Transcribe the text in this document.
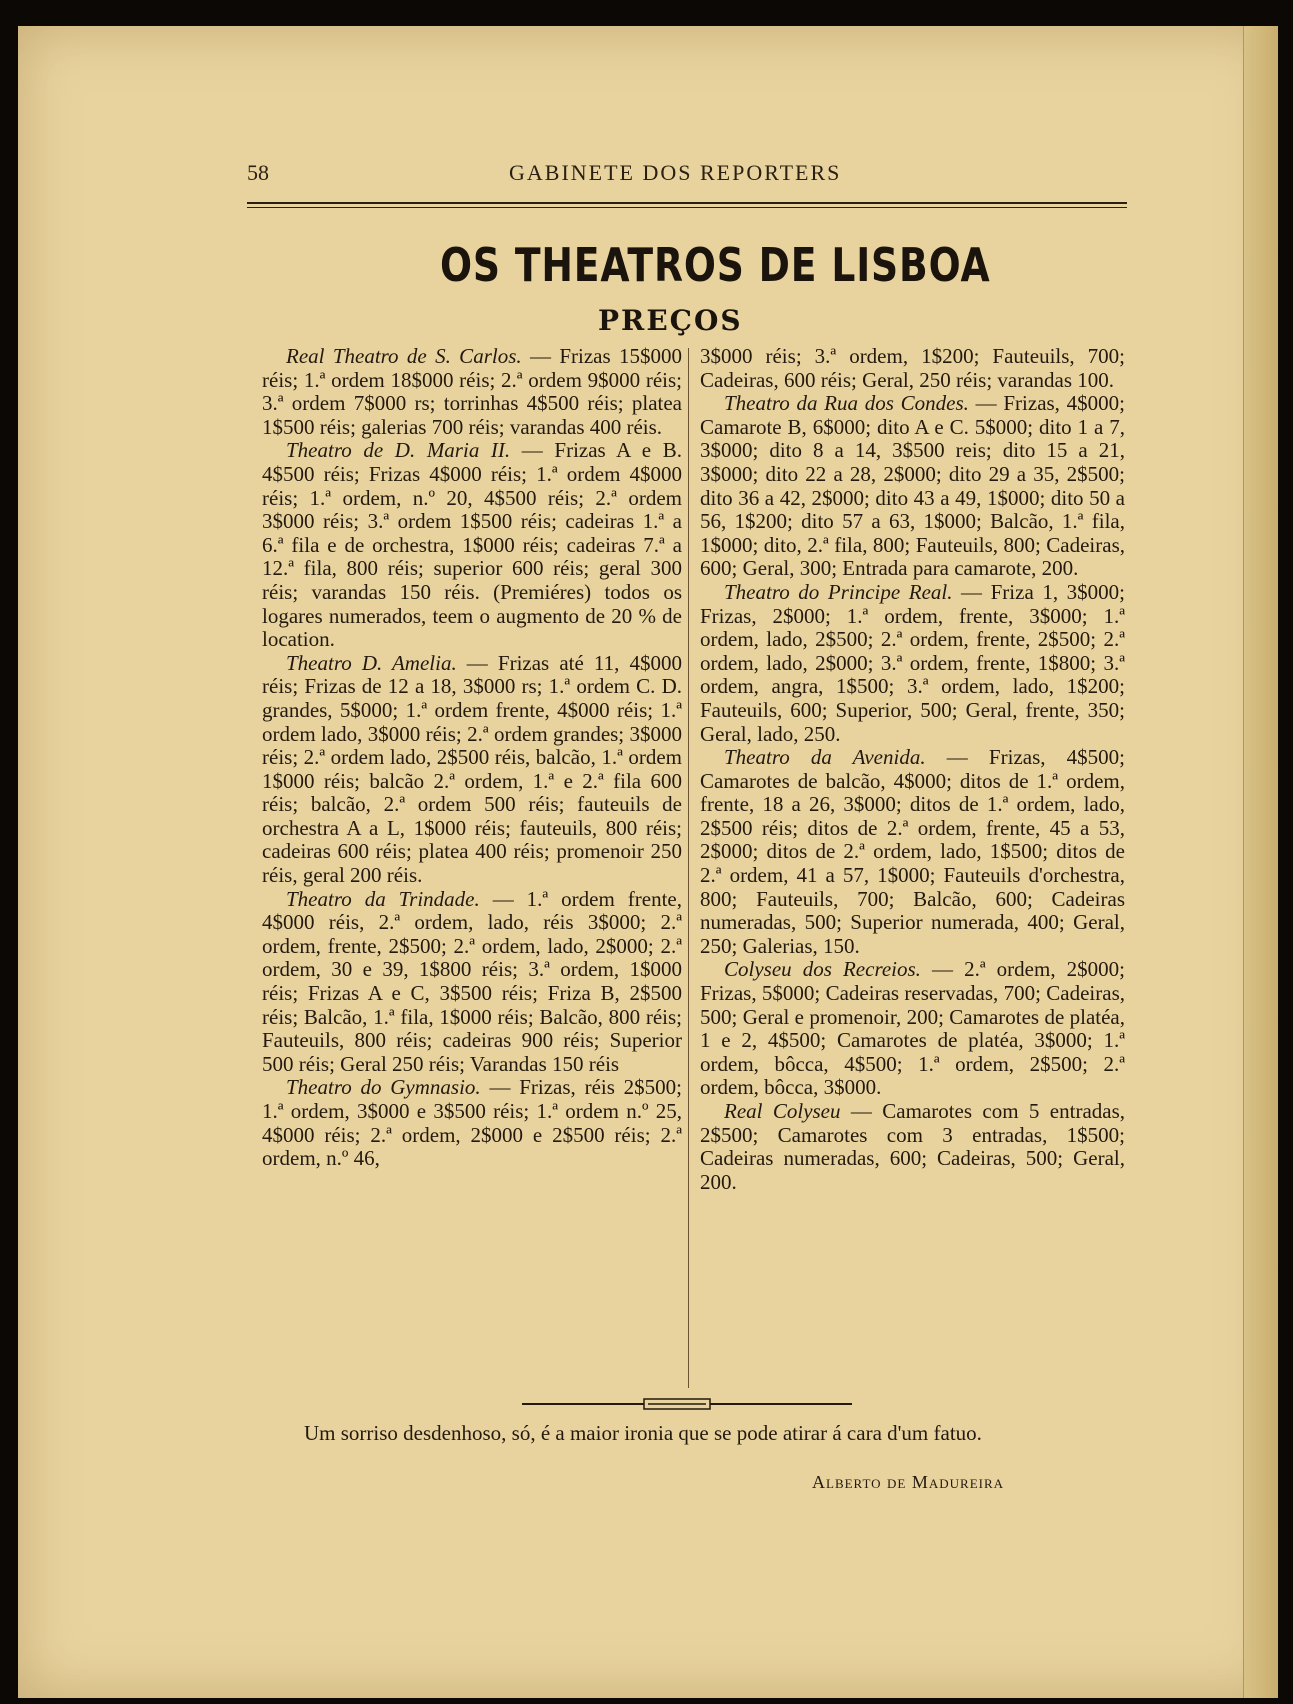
58	GABINETE DOS REPORTERS
OS THEATROS DE LISBOA
PREÇOS

Real Theatro de S. Carlos. — Frizas 15$000 réis; 1.ª ordem 18$000 réis; 2.ª ordem 9$000 réis; 3.ª ordem 7$000 rs; torrinhas 4$500 réis; platea 1$500 réis; galerias 700 réis; varandas 400 réis.

Theatro de D. Maria II. — Frizas A e B. 4$500 réis; Frizas 4$000 réis; 1.ª ordem 4$000 réis; 1.ª ordem, n.º 20, 4$500 réis; 2.ª ordem 3$000 réis; 3.ª ordem 1$500 réis; cadeiras 1.ª a 6.ª fila e de orchestra, 1$000 réis; cadeiras 7.ª a 12.ª fila, 800 réis; superior 600 réis; geral 300 réis; varandas 150 réis. (Premiéres) todos os logares numerados, teem o augmento de 20 % de location.

Theatro D. Amelia. — Frizas até 11, 4$000 réis; Frizas de 12 a 18, 3$000 rs; 1.ª ordem C. D. grandes, 5$000; 1.ª ordem frente, 4$000 réis; 1.ª ordem lado, 3$000 réis; 2.ª ordem grandes; 3$000 réis; 2.ª ordem lado, 2$500 réis, balcão, 1.ª ordem 1$000 réis; balcão 2.ª ordem, 1.ª e 2.ª fila 600 réis; balcão, 2.ª ordem 500 réis; fauteuils de orchestra A a L, 1$000 réis; fauteuils, 800 réis; cadeiras 600 réis; platea 400 réis; promenoir 250 réis, geral 200 réis.

Theatro da Trindade. — 1.ª ordem frente, 4$000 réis, 2.ª ordem, lado, réis 3$000; 2.ª ordem, frente, 2$500; 2.ª ordem, lado, 2$000; 2.ª ordem, 30 e 39, 1$800 réis; 3.ª ordem, 1$000 réis; Frizas A e C, 3$500 réis; Friza B, 2$500 réis; Balcão, 1.ª fila, 1$000 réis; Balcão, 800 réis; Fauteuils, 800 réis; cadeiras 900 réis; Superior 500 réis; Geral 250 réis; Varandas 150 réis

Theatro do Gymnasio. — Frizas, réis 2$500; 1.ª ordem, 3$000 e 3$500 réis; 1.ª ordem n.º 25, 4$000 réis; 2.ª ordem, 2$000 e 2$500 réis; 2.ª ordem, n.º 46,

3$000 réis; 3.ª ordem, 1$200; Fauteuils, 700; Cadeiras, 600 réis; Geral, 250 réis; varandas 100.

Theatro da Rua dos Condes. — Frizas, 4$000; Camarote B, 6$000; dito A e C. 5$000; dito 1 a 7, 3$000; dito 8 a 14, 3$500 reis; dito 15 a 21, 3$000; dito 22 a 28, 2$000; dito 29 a 35, 2$500; dito 36 a 42, 2$000; dito 43 a 49, 1$000; dito 50 a 56, 1$200; dito 57 a 63, 1$000; Balcão, 1.ª fila, 1$000; dito, 2.ª fila, 800; Fauteuils, 800; Cadeiras, 600; Geral, 300; Entrada para camarote, 200.

Theatro do Principe Real. — Friza 1, 3$000; Frizas, 2$000; 1.ª ordem, frente, 3$000; 1.ª ordem, lado, 2$500; 2.ª ordem, frente, 2$500; 2.ª ordem, lado, 2$000; 3.ª ordem, frente, 1$800; 3.ª ordem, angra, 1$500; 3.ª ordem, lado, 1$200; Fauteuils, 600; Superior, 500; Geral, frente, 350; Geral, lado, 250.

Theatro da Avenida. — Frizas, 4$500; Camarotes de balcão, 4$000; ditos de 1.ª ordem, frente, 18 a 26, 3$000; ditos de 1.ª ordem, lado, 2$500 réis; ditos de 2.ª ordem, frente, 45 a 53, 2$000; ditos de 2.ª ordem, lado, 1$500; ditos de 2.ª ordem, 41 a 57, 1$000; Fauteuils d'orchestra, 800; Fauteuils, 700; Balcão, 600; Cadeiras numeradas, 500; Superior numerada, 400; Geral, 250; Galerias, 150.

Colyseu dos Recreios. — 2.ª ordem, 2$000; Frizas, 5$000; Cadeiras reservadas, 700; Cadeiras, 500; Geral e promenoir, 200; Camarotes de platéa, 1 e 2, 4$500; Camarotes de platéa, 3$000; 1.ª ordem, bôcca, 4$500; 1.ª ordem, 2$500; 2.ª ordem, bôcca, 3$000.

Real Colyseu — Camarotes com 5 entradas, 2$500; Camarotes com 3 entradas, 1$500; Cadeiras numeradas, 600; Cadeiras, 500; Geral, 200.

Um sorriso desdenhoso, só, é a maior ironia que se pode atirar á cara d'um fatuo.
Alberto de Madureira
